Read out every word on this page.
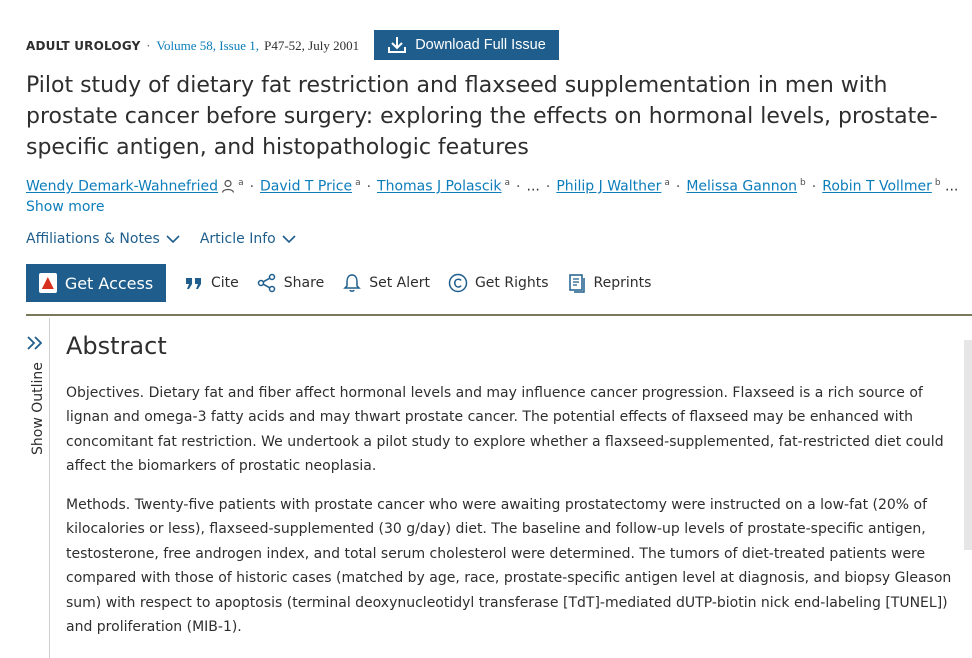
ADULT UROLOGY · Volume 58, Issue 1,
P47-52, July 2001	Download Full Issue
Pilot study of dietary fat restriction and flaxseed supplementation in men with prostate cancer before surgery: exploring the effects on hormonal levels, prostate-specific antigen, and histopathologic features
Wendy Demark-Wahnefried $^a$ · David T Price $^a$ · Thomas J Polascik $^a$ · ... · Philip J Walther $^a$ · Melissa Gannon $^b$ · Robin T Vollmer $^b$ ...
Show more
Affiliations & Notes	Article Info
Get Access	Cite	Share	Set Alert	Get Rights	Reprints
Show Outline
Abstract

Objectives. Dietary fat and fiber affect hormonal levels and may influence cancer progression. Flaxseed is a rich source of lignan and omega-3 fatty acids and may thwart prostate cancer. The potential effects of flaxseed may be enhanced with concomitant fat restriction. We undertook a pilot study to explore whether a flaxseed-supplemented, fat-restricted diet could affect the biomarkers of prostatic neoplasia.

Methods. Twenty-five patients with prostate cancer who were awaiting prostatectomy were instructed on a low-fat (20% of kilocalories or less), flaxseed-supplemented (30 g/day) diet. The baseline and follow-up levels of prostate-specific antigen, testosterone, free androgen index, and total serum cholesterol were determined. The tumors of diet-treated patients were compared with those of historic cases (matched by age, race, prostate-specific antigen level at diagnosis, and biopsy Gleason sum) with respect to apoptosis (terminal deoxynucleotidyl transferase [TdT]-mediated dUTP-biotin nick end-labeling [TUNEL]) and proliferation (MIB-1).
